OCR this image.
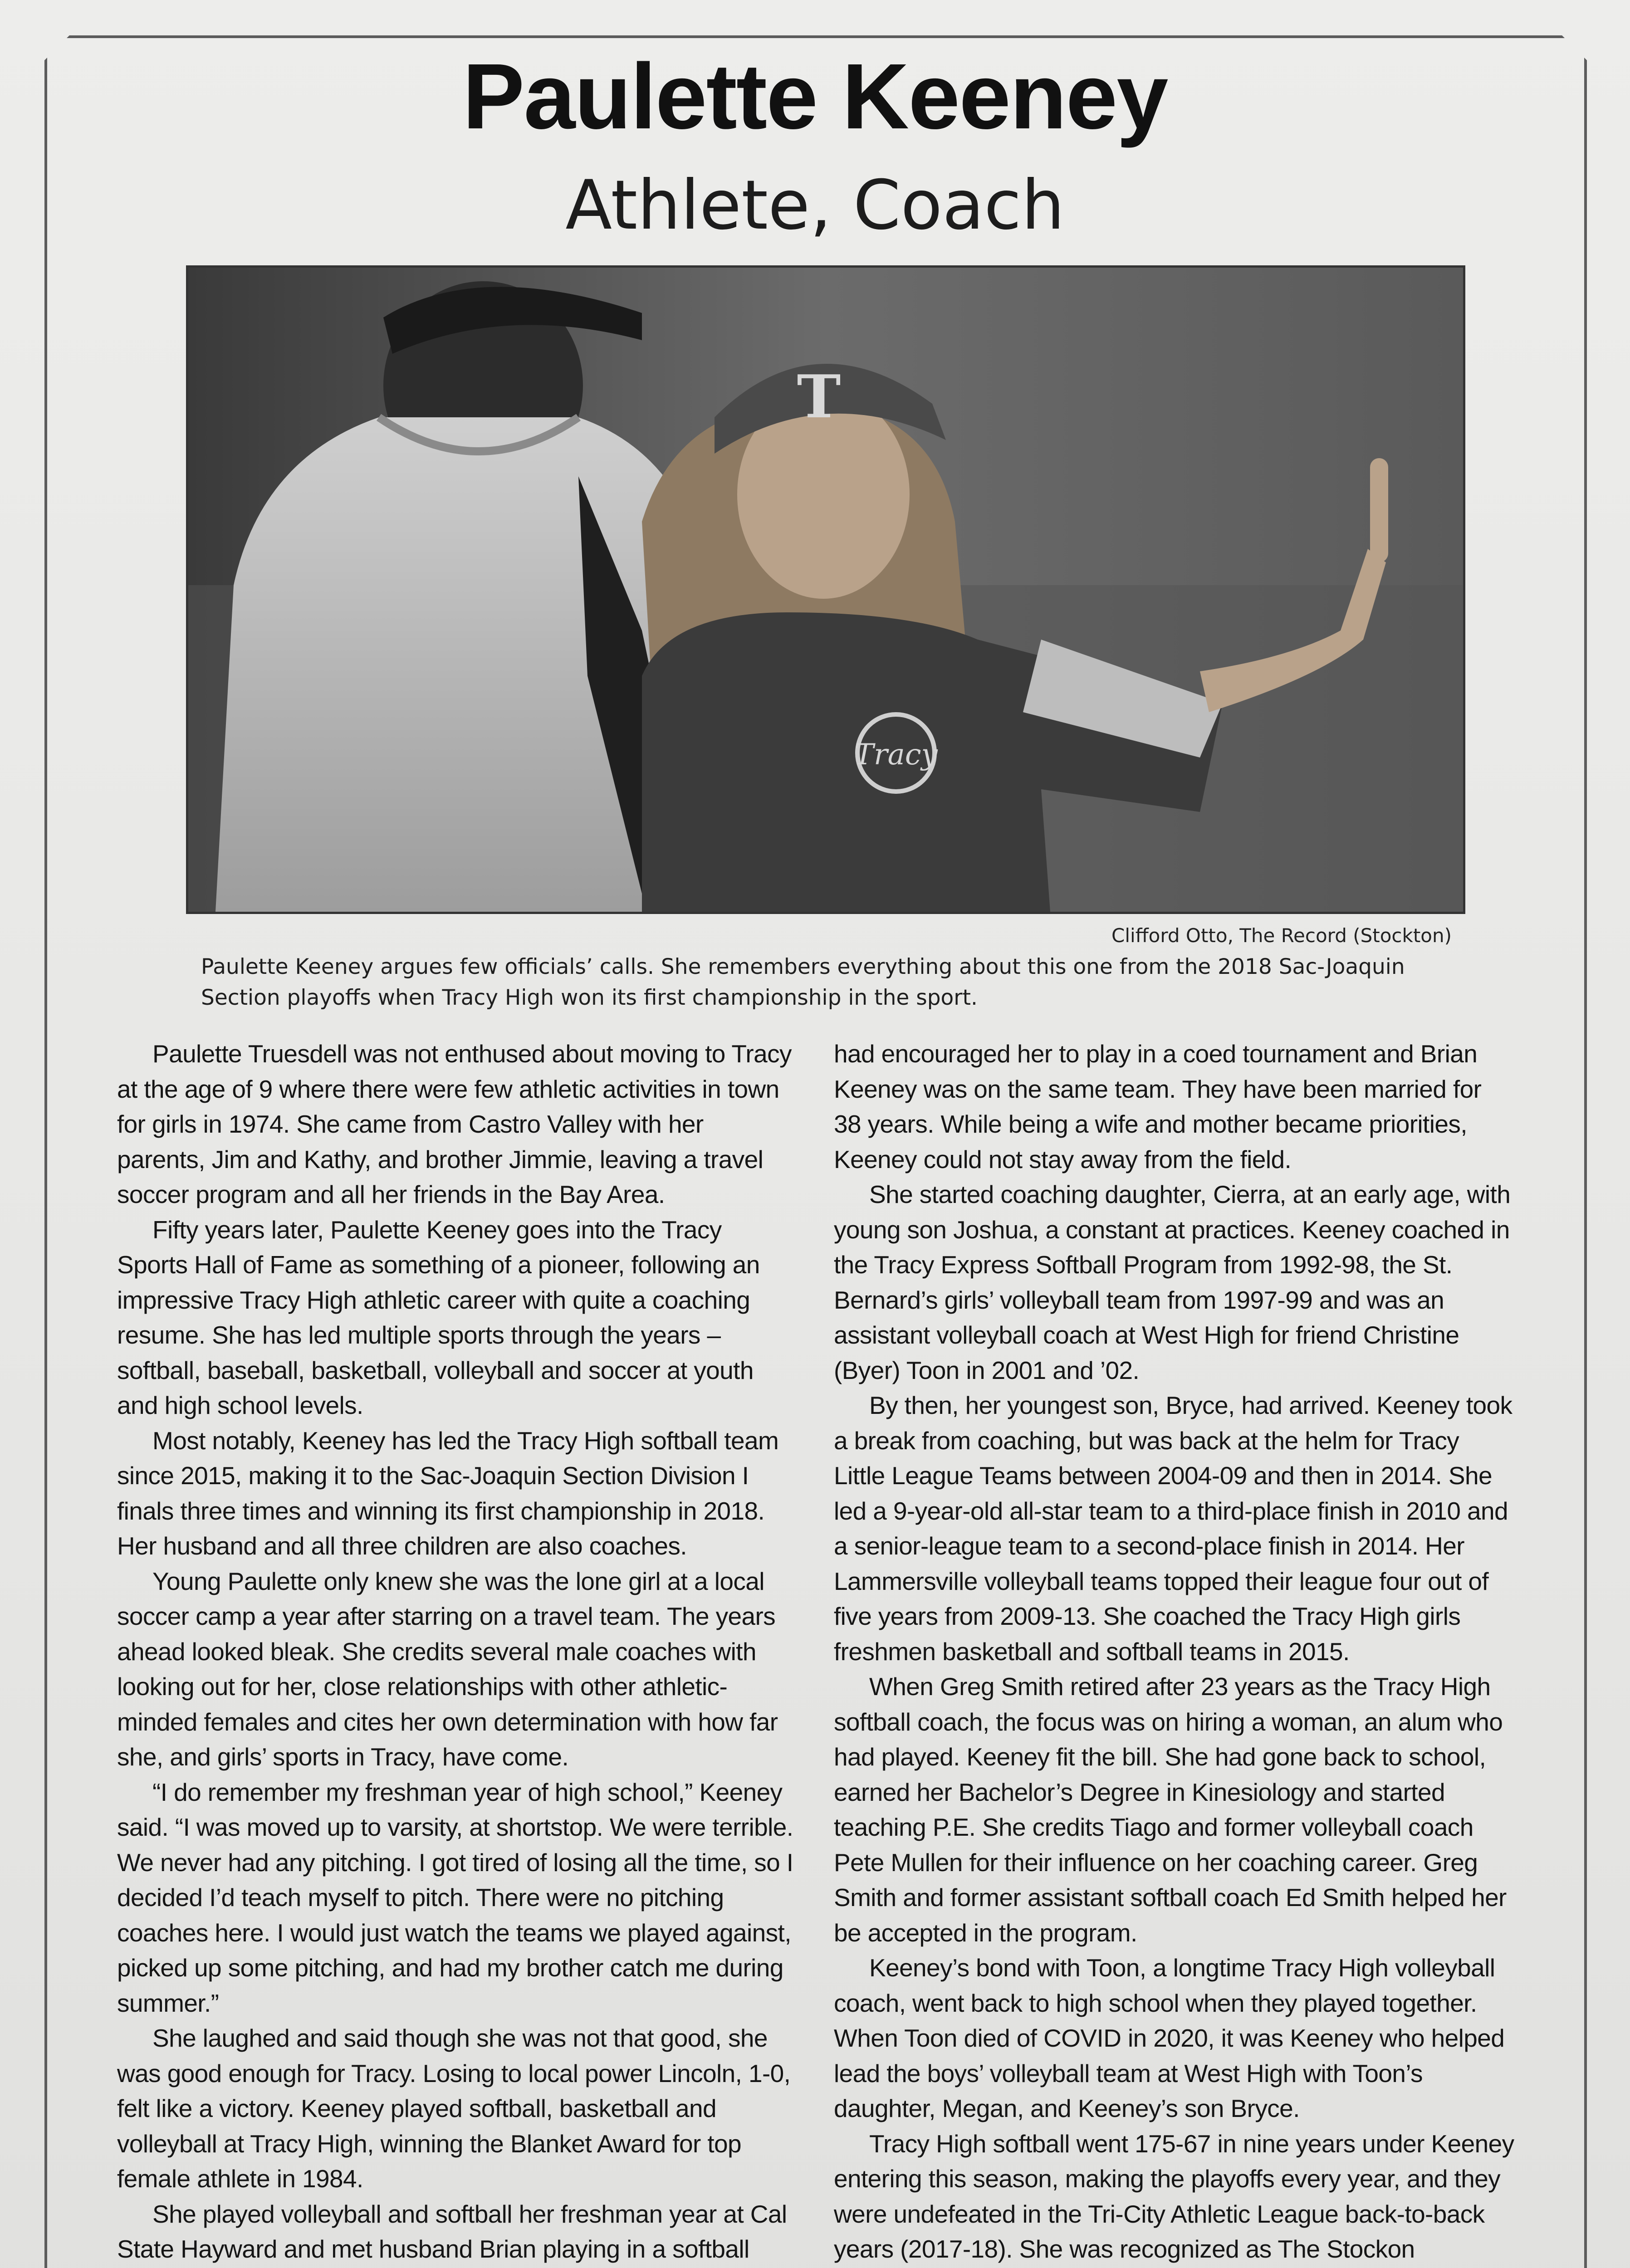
Paulette Keeney
Athlete, Coach
T
Tracy
Clifford Otto, The Record (Stockton)
Paulette Keeney argues few officials’ calls. She remembers everything about this one from the 2018 Sac-Joaquin Section playoffs when Tracy High won its first championship in the sport.

Paulette Truesdell was not enthused about moving to Tracy at the age of 9 where there were few athletic activities in town for girls in 1974. She came from Castro Valley with her parents, Jim and Kathy, and brother Jimmie, leaving a travel soccer program and all her friends in the Bay Area.

Fifty years later, Paulette Keeney goes into the Tracy Sports Hall of Fame as something of a pioneer, following an impressive Tracy High athletic career with quite a coaching resume. She has led multiple sports through the years – softball, baseball, basketball, volleyball and soccer at youth and high school levels.

Most notably, Keeney has led the Tracy High softball team since 2015, making it to the Sac-Joaquin Section Division I finals three times and winning its first championship in 2018. Her husband and all three children are also coaches.

Young Paulette only knew she was the lone girl at a local soccer camp a year after starring on a travel team. The years ahead looked bleak. She credits several male coaches with looking out for her, close relationships with other athletic-minded females and cites her own determination with how far she, and girls’ sports in Tracy, have come.

“I do remember my freshman year of high school,” Keeney said. “I was moved up to varsity, at shortstop. We were terrible. We never had any pitching. I got tired of losing all the time, so I decided I’d teach myself to pitch. There were no pitching coaches here. I would just watch the teams we played against, picked up some pitching, and had my brother catch me during summer.”

She laughed and said though she was not that good, she was good enough for Tracy. Losing to local power Lincoln, 1-0, felt like a victory. Keeney played softball, basketball and volleyball at Tracy High, winning the Blanket Award for top female athlete in 1984.

She played volleyball and softball her freshman year at Cal State Hayward and met husband Brian playing in a softball

had encouraged her to play in a coed tournament and Brian Keeney was on the same team. They have been married for 38 years. While being a wife and mother became priorities, Keeney could not stay away from the field.

She started coaching daughter, Cierra, at an early age, with young son Joshua, a constant at practices. Keeney coached in the Tracy Express Softball Program from 1992-98, the St. Bernard’s girls’ volleyball team from 1997-99 and was an assistant volleyball coach at West High for friend Christine (Byer) Toon in 2001 and ’02.

By then, her youngest son, Bryce, had arrived. Keeney took a break from coaching, but was back at the helm for Tracy Little League Teams between 2004-09 and then in 2014. She led a 9-year-old all-star team to a third-place finish in 2010 and a senior-league team to a second-place finish in 2014. Her Lammersville volleyball teams topped their league four out of five years from 2009-13. She coached the Tracy High girls freshmen basketball and softball teams in 2015.

When Greg Smith retired after 23 years as the Tracy High softball coach, the focus was on hiring a woman, an alum who had played. Keeney fit the bill. She had gone back to school, earned her Bachelor’s Degree in Kinesiology and started teaching P.E. She credits Tiago and former volleyball coach Pete Mullen for their influence on her coaching career. Greg Smith and former assistant softball coach Ed Smith helped her be accepted in the program.

Keeney’s bond with Toon, a longtime Tracy High volleyball coach, went back to high school when they played together. When Toon died of COVID in 2020, it was Keeney who helped lead the boys’ volleyball team at West High with Toon’s daughter, Megan, and Keeney’s son Bryce.

Tracy High softball went 175-67 in nine years under Keeney entering this season, making the playoffs every year, and they were undefeated in the Tri-City Athletic League back-to-back years (2017-18). She was recognized as The Stockon
